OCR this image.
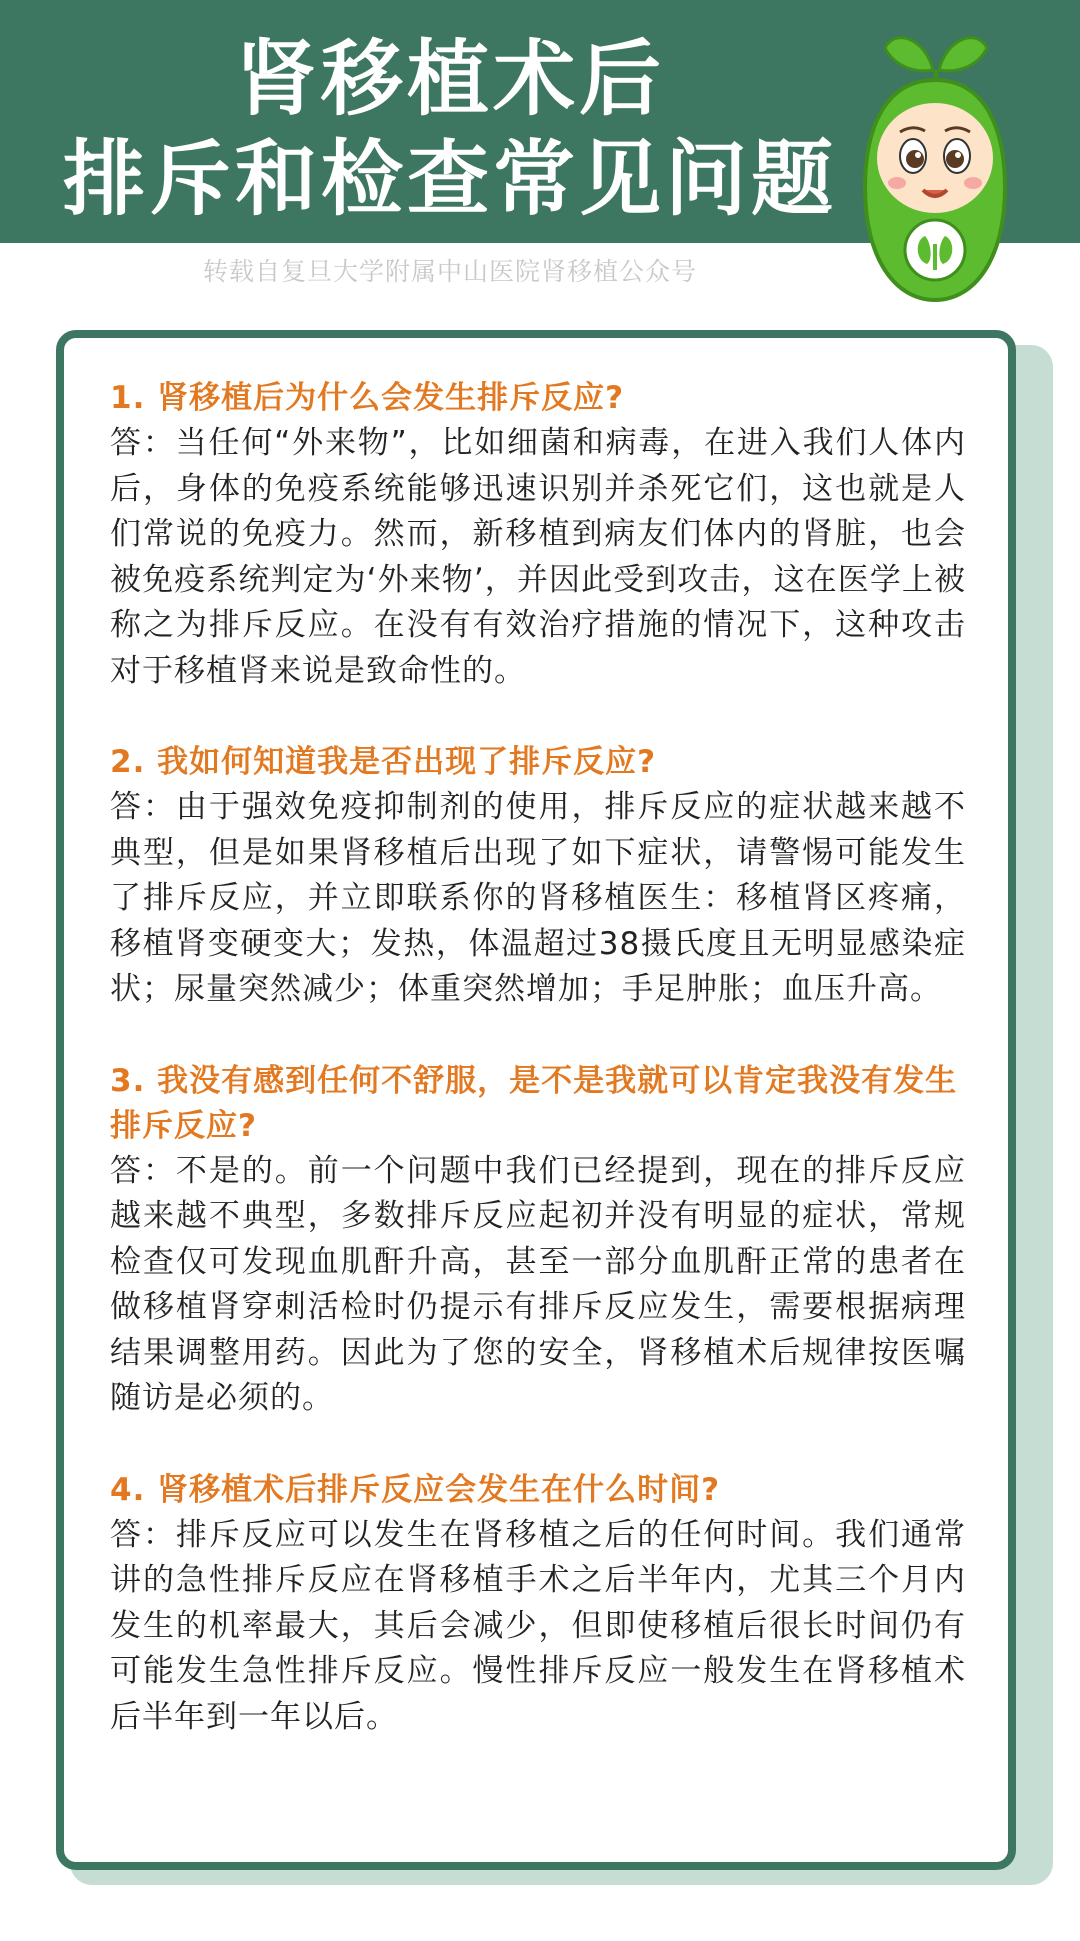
肾移植术后
排斥和检查常见问题
转载自复旦大学附属中山医院肾移植公众号
1. 肾移植后为什么会发生排斥反应?
答：当任何“外来物”，比如细菌和病毒，在进入我们人体内后，身体的免疫系统能够迅速识别并杀死它们，这也就是人们常说的免疫力。然而，新移植到病友们体内的肾脏，也会被免疫系统判定为‘外来物’，并因此受到攻击，这在医学上被称之为排斥反应。在没有有效治疗措施的情况下，这种攻击对于移植肾来说是致命性的。
2. 我如何知道我是否出现了排斥反应?
答：由于强效免疫抑制剂的使用，排斥反应的症状越来越不典型，但是如果肾移植后出现了如下症状，请警惕可能发生了排斥反应，并立即联系你的肾移植医生：移植肾区疼痛，移植肾变硬变大；发热，体温超过38摄氏度且无明显感染症状；尿量突然减少；体重突然增加；手足肿胀；血压升高。
3. 我没有感到任何不舒服，是不是我就可以肯定我没有发生排斥反应?
答：不是的。前一个问题中我们已经提到，现在的排斥反应越来越不典型，多数排斥反应起初并没有明显的症状，常规检查仅可发现血肌酐升高，甚至一部分血肌酐正常的患者在做移植肾穿刺活检时仍提示有排斥反应发生，需要根据病理结果调整用药。因此为了您的安全，肾移植术后规律按医嘱随访是必须的。
4. 肾移植术后排斥反应会发生在什么时间?
答：排斥反应可以发生在肾移植之后的任何时间。我们通常讲的急性排斥反应在肾移植手术之后半年内，尤其三个月内发生的机率最大，其后会减少，但即使移植后很长时间仍有可能发生急性排斥反应。慢性排斥反应一般发生在肾移植术后半年到一年以后。
